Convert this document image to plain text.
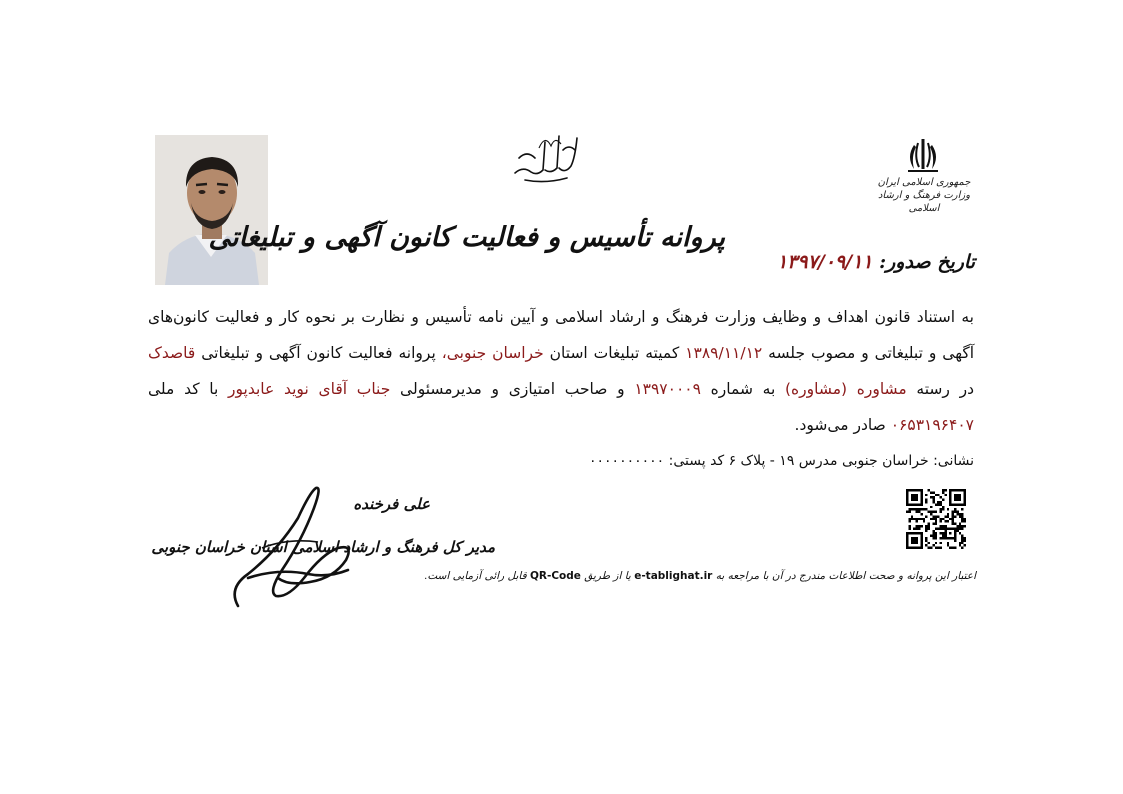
پروانه تأسیس و فعالیت کانون آگهی و تبلیغاتی
جمهوری اسلامی ایران
وزارت فرهنگ و ارشاد اسلامی
تاریخ صدور: ۱۳۹۷/۰۹/۱۱
به استناد قانون اهداف و وظایف وزارت فرهنگ و ارشاد اسلامی و آیین نامه تأسیس و نظارت بر نحوه کار و فعالیت کانون‌های آگهی و تبلیغاتی و مصوب جلسه ۱۳۸۹/۱۱/۱۲ کمیته تبلیغات استان خراسان جنوبی، پروانه فعالیت کانون آگهی و تبلیغاتی قاصدک در رسته مشاوره (مشاوره) به شماره ۱۳۹۷۰۰۰۹ و صاحب امتیازی و مدیرمسئولی جناب آقای نوید عابدپور با کد ملی ۰۶۵۳۱۹۶۴۰۷ صادر می‌شود.
نشانی: خراسان جنوبی مدرس ۱۹ - پلاک ۶ کد پستی: ۰۰۰۰۰۰۰۰۰۰
اعتبار این پروانه و صحت اطلاعات مندرج در آن با مراجعه به e-tablighat.ir یا از طریق QR-Code قابل رائی آزمایی است.
علی فرخنده
مدیر کل فرهنگ و ارشاد اسلامی استان خراسان جنوبی
